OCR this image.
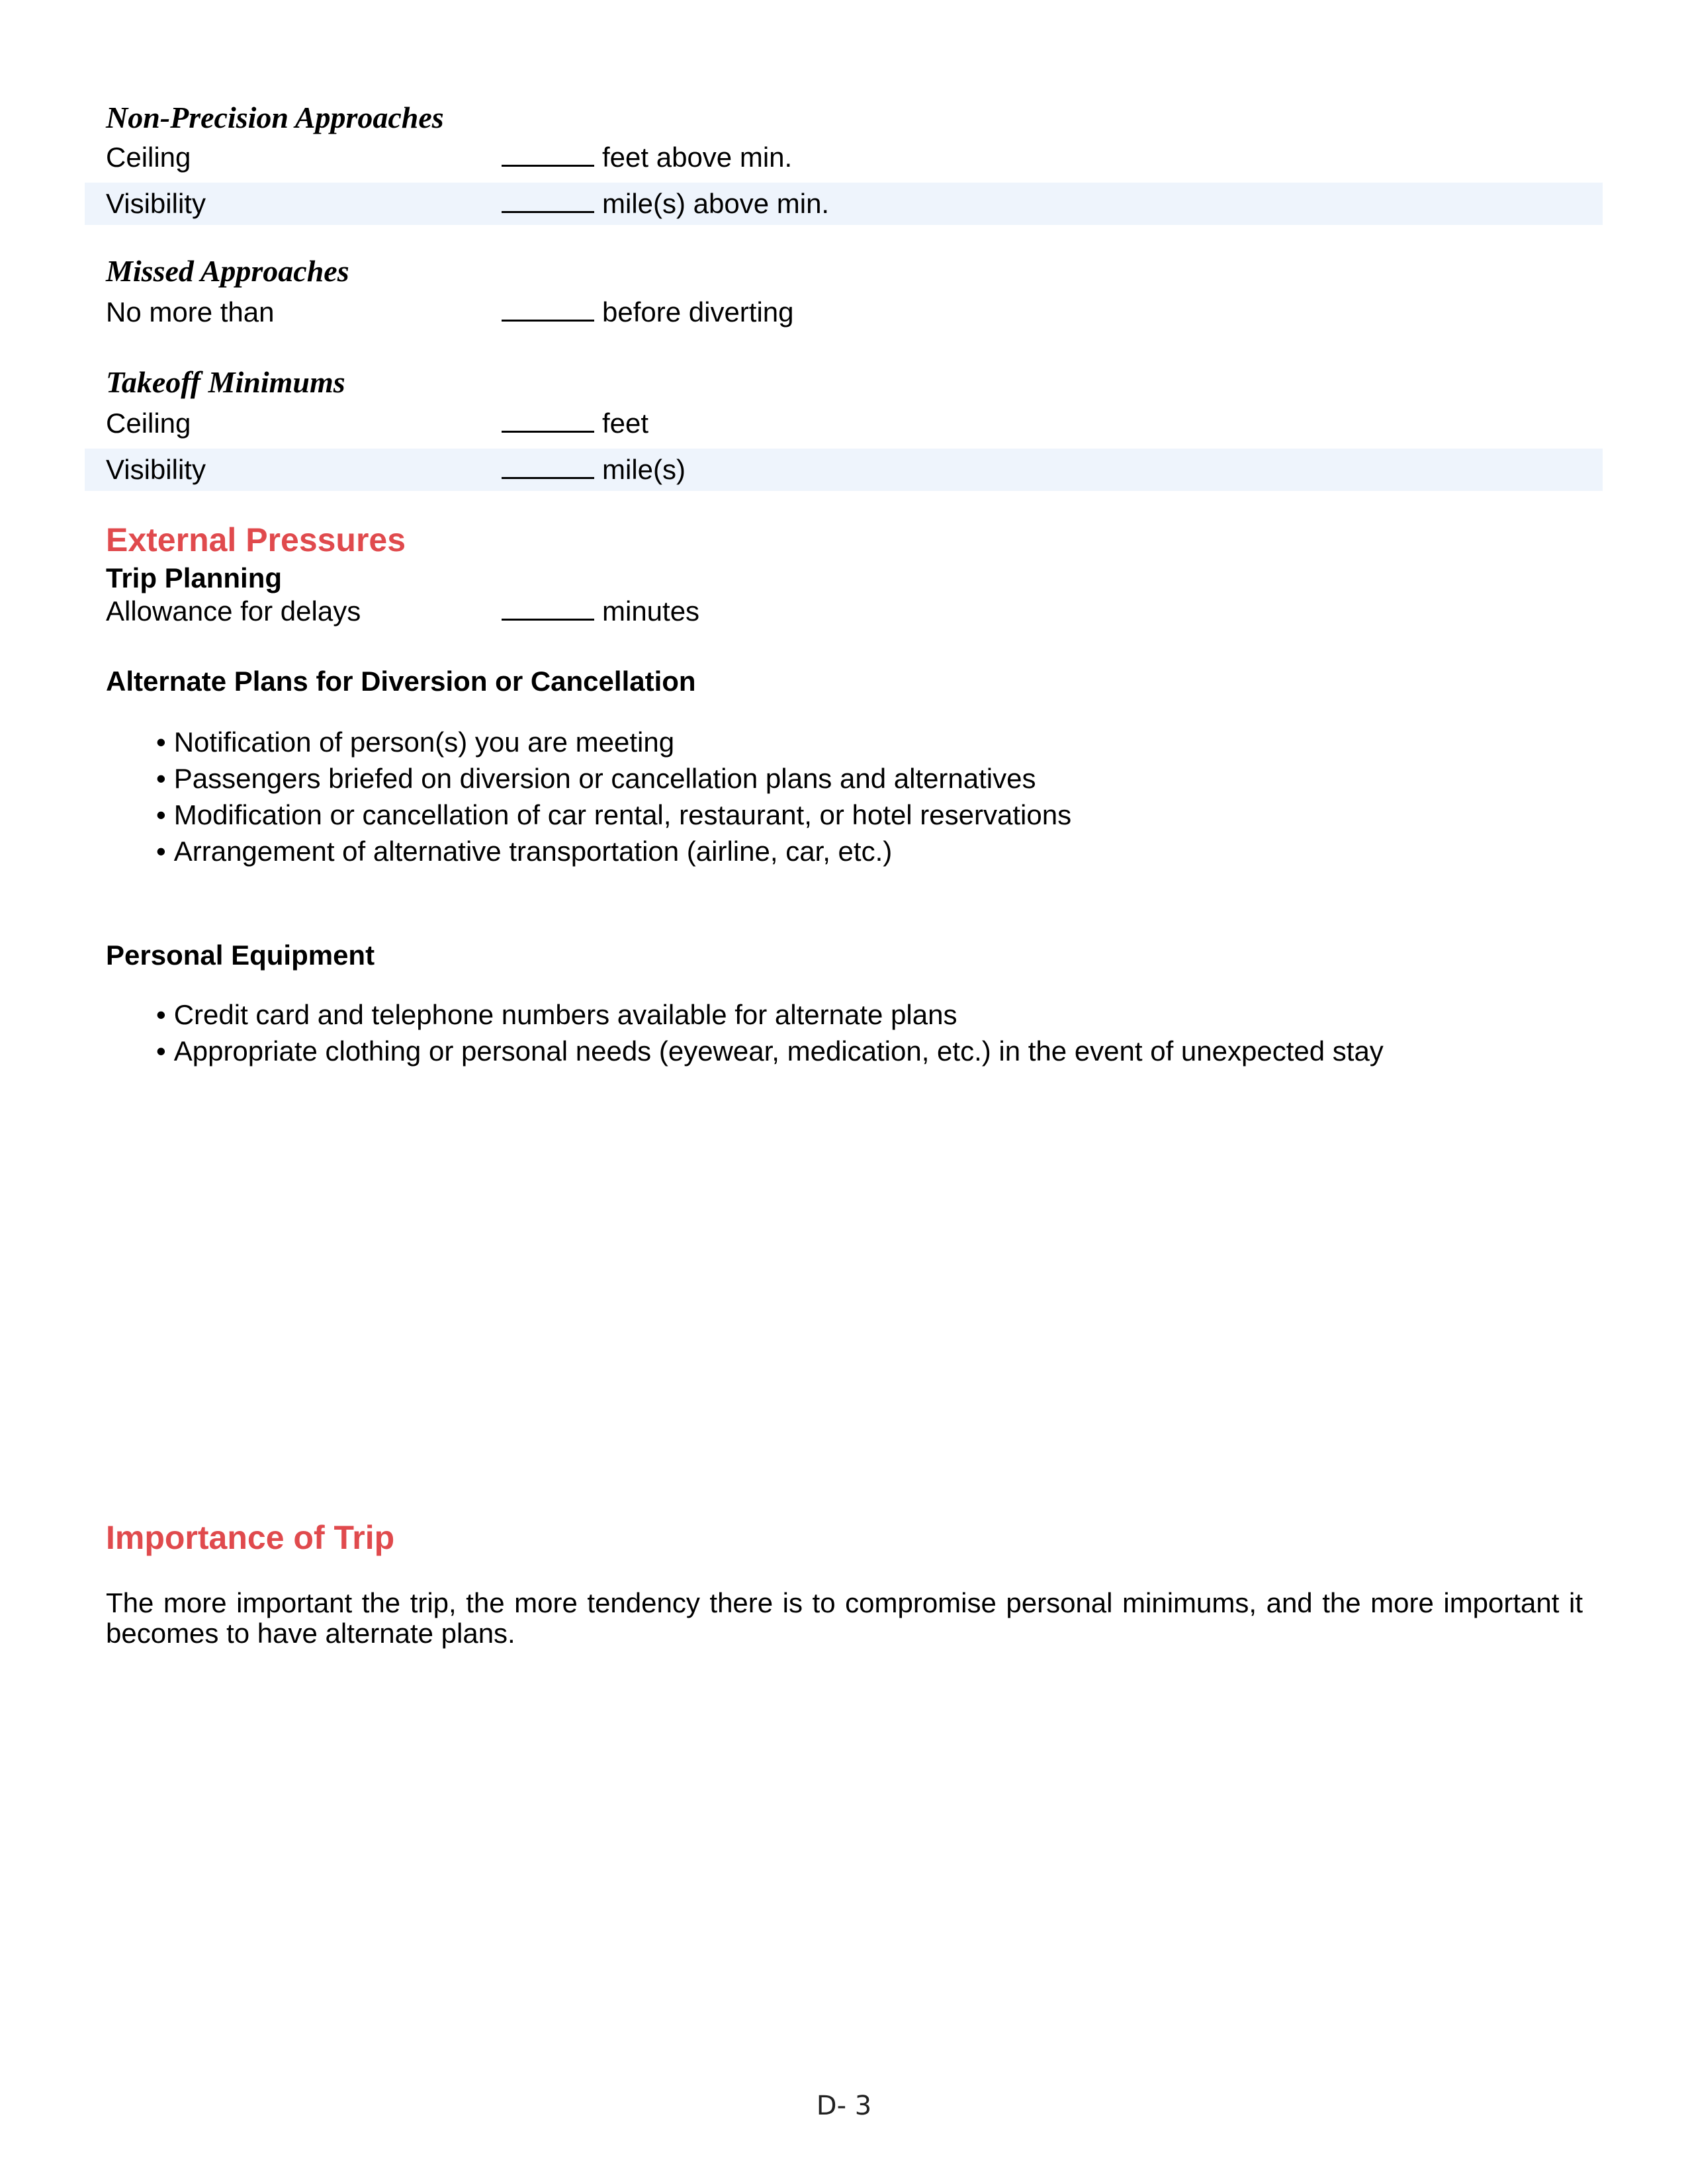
Non-Precision Approaches
Ceiling	feet above min.
Visibility	mile(s) above min.
Missed Approaches
No more than	before diverting
Takeoff Minimums
Ceiling	feet
Visibility	mile(s)
External Pressures
Trip Planning
Allowance for delays	minutes
Alternate Plans for Diversion or Cancellation
• Notification of person(s) you are meeting
• Passengers briefed on diversion or cancellation plans and alternatives
• Modification or cancellation of car rental, restaurant, or hotel reservations
• Arrangement of alternative transportation (airline, car, etc.)
Personal Equipment
• Credit card and telephone numbers available for alternate plans
• Appropriate clothing or personal needs (eyewear, medication, etc.) in the event of unexpected stay
Importance of Trip
The more important the trip, the more tendency there is to compromise personal minimums, and the more important it becomes to have alternate plans.
D- 3
